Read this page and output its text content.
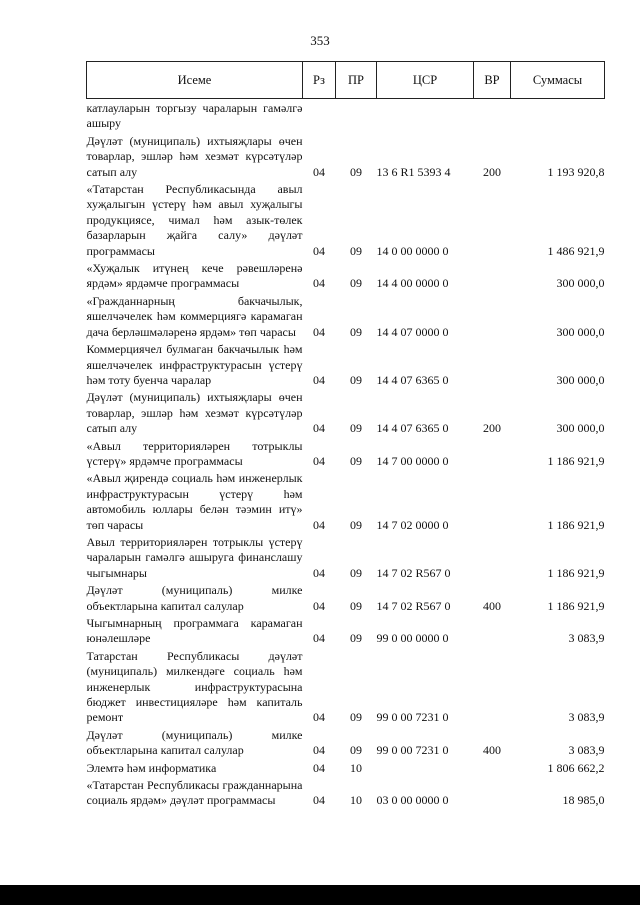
353
Исеме	Рз	ПР	ЦСР	ВР	Суммасы
катлауларын торгызу чараларын гамәлгә ашыру					
Дәүләт (муниципаль) ихтыяҗлары өчен товарлар, эшләр һәм хезмәт күрсәтүләр сатып алу	04	09	13 6 R1 5393 4	200	1 193 920,8
«Татарстан Республикасында авыл хуҗалыгын үстерү һәм авыл хуҗалыгы продукциясе, чимал һәм азык-төлек базарларын җайга салу» дәүләт программасы	04	09	14 0 00 0000 0		1 486 921,9
«Хуҗалык итүнең кече рәвешләренә ярдәм» ярдәмче программасы	04	09	14 4 00 0000 0		300 000,0
«Гражданнарның бакчачылык, яшелчәчелек һәм коммерциягә карамаган дача берләшмәләренә ярдәм» төп чарасы	04	09	14 4 07 0000 0		300 000,0
Коммерциячел булмаган бакчачылык һәм яшелчәчелек инфраструктурасын үстерү һәм тоту буенча чаралар	04	09	14 4 07 6365 0		300 000,0
Дәүләт (муниципаль) ихтыяҗлары өчен товарлар, эшләр һәм хезмәт күрсәтүләр сатып алу	04	09	14 4 07 6365 0	200	300 000,0
«Авыл территорияләрен тотрыклы үстерү» ярдәмче программасы	04	09	14 7 00 0000 0		1 186 921,9
«Авыл җирендә социаль һәм инженерлык инфраструктурасын үстерү һәм автомобиль юллары белән тәэмин итү» төп чарасы	04	09	14 7 02 0000 0		1 186 921,9
Авыл территорияләрен тотрыклы үстерү чараларын гамәлгә ашыруга финанслашу чыгымнары	04	09	14 7 02 R567 0		1 186 921,9
Дәүләт (муниципаль) милке объектларына капитал салулар	04	09	14 7 02 R567 0	400	1 186 921,9
Чыгымнарның программага карамаган юнәлешләре	04	09	99 0 00 0000 0		3 083,9
Татарстан Республикасы дәүләт (муниципаль) милкендәге социаль һәм инженерлык инфраструктурасына бюджет инвестицияләре һәм капиталь ремонт	04	09	99 0 00 7231 0		3 083,9
Дәүләт (муниципаль) милке объектларына капитал салулар	04	09	99 0 00 7231 0	400	3 083,9
Элемтә һәм информатика	04	10			1 806 662,2
«Татарстан Республикасы гражданнарына социаль ярдәм» дәүләт программасы	04	10	03 0 00 0000 0		18 985,0
